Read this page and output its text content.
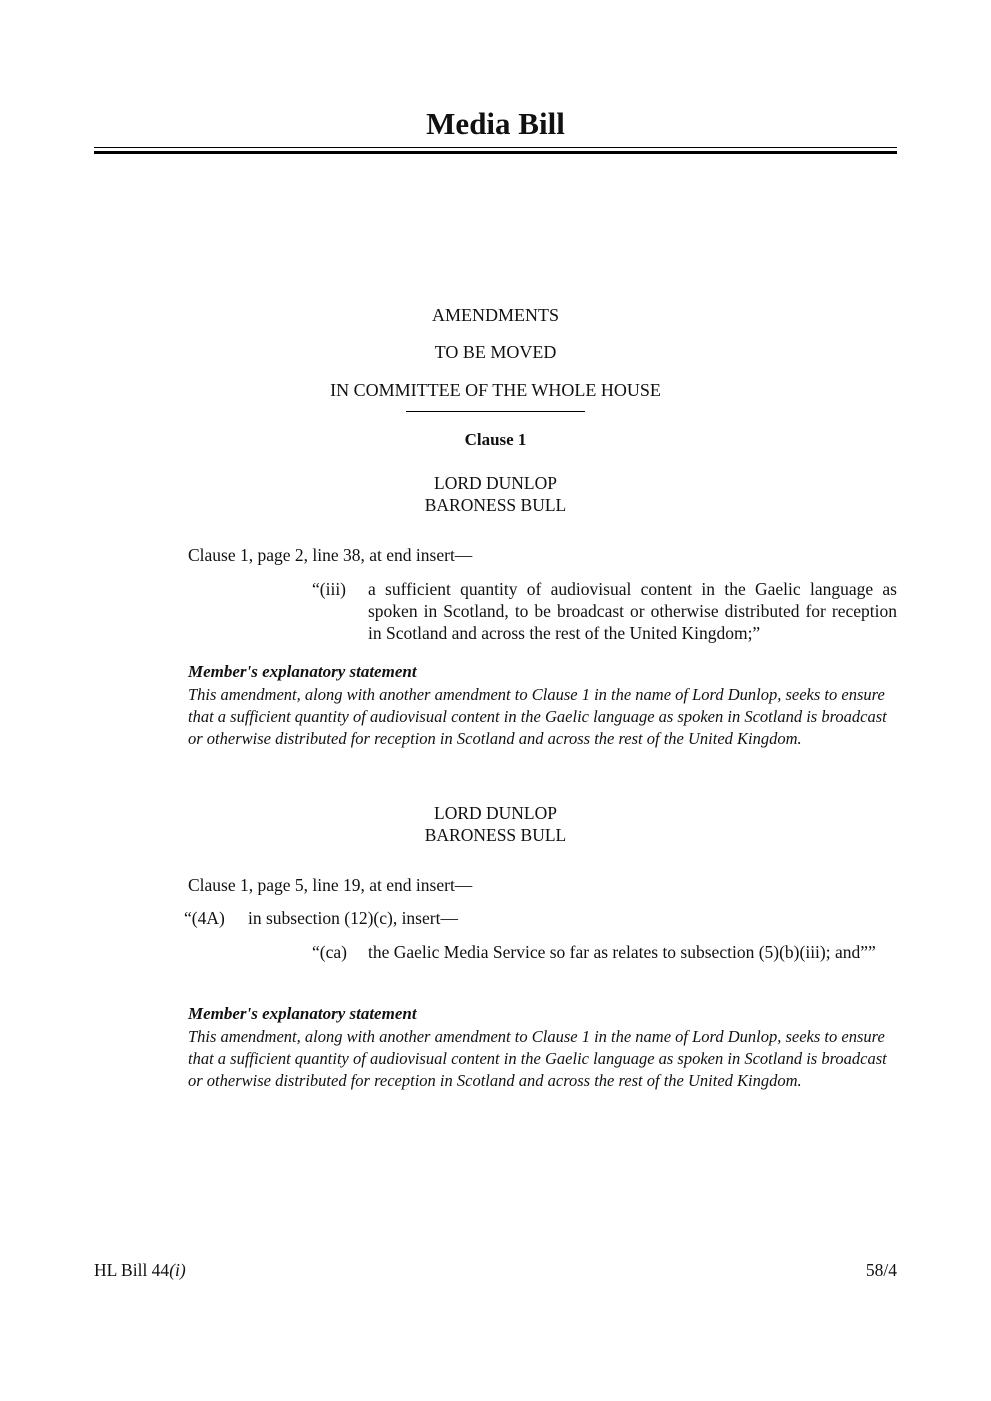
Media Bill
AMENDMENTS
TO BE MOVED
IN COMMITTEE OF THE WHOLE HOUSE
Clause 1
LORD DUNLOP
BARONESS BULL
Clause 1, page 2, line 38, at end insert—
“(iii) a sufficient quantity of audiovisual content in the Gaelic language as spoken in Scotland, to be broadcast or otherwise distributed for reception in Scotland and across the rest of the United Kingdom;”
Member's explanatory statement
This amendment, along with another amendment to Clause 1 in the name of Lord Dunlop, seeks to ensure that a sufficient quantity of audiovisual content in the Gaelic language as spoken in Scotland is broadcast or otherwise distributed for reception in Scotland and across the rest of the United Kingdom.
LORD DUNLOP
BARONESS BULL
Clause 1, page 5, line 19, at end insert—
“(4A) in subsection (12)(c), insert—
“(ca) the Gaelic Media Service so far as relates to subsection (5)(b)(iii); and””
Member's explanatory statement
This amendment, along with another amendment to Clause 1 in the name of Lord Dunlop, seeks to ensure that a sufficient quantity of audiovisual content in the Gaelic language as spoken in Scotland is broadcast or otherwise distributed for reception in Scotland and across the rest of the United Kingdom.
HL Bill 44(i)	58/4
